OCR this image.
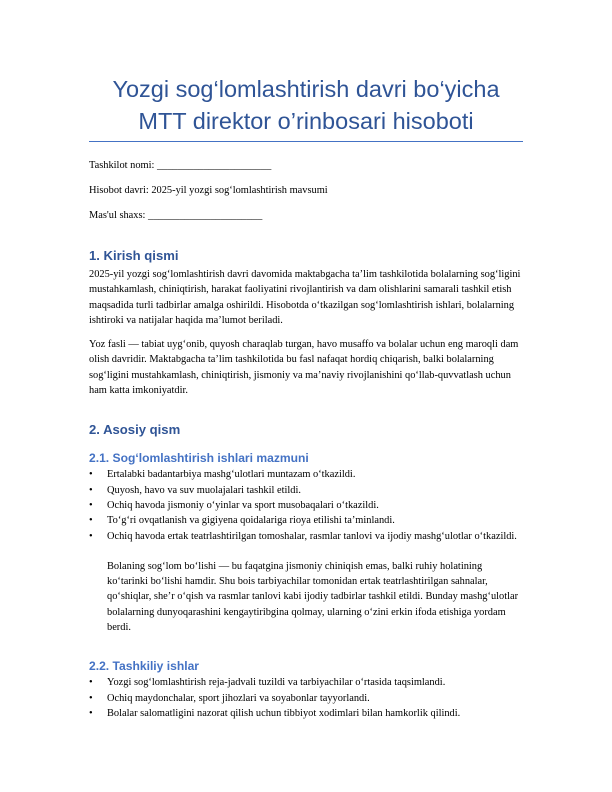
Yozgi sog‘lomlashtirish davri bo‘yicha MTT direktor o’rinbosari hisoboti

Tashkilot nomi: ______________________

Hisobot davri: 2025-yil yozgi sog‘lomlashtirish mavsumi

Mas'ul shaxs: ______________________

1. Kirish qismi

2025-yil yozgi sog‘lomlashtirish davri davomida maktabgacha ta’lim tashkilotida bolalarning sog‘ligini mustahkamlash, chiniqtirish, harakat faoliyatini rivojlantirish va dam olishlarini samarali tashkil etish maqsadida turli tadbirlar amalga oshirildi. Hisobotda o‘tkazilgan sog‘lomlashtirish ishlari, bolalarning ishtiroki va natijalar haqida ma’lumot beriladi.

Yoz fasli — tabiat uyg‘onib, quyosh charaqlab turgan, havo musaffo va bolalar uchun eng maroqli dam olish davridir. Maktabgacha ta’lim tashkilotida bu fasl nafaqat hordiq chiqarish, balki bolalarning sog‘ligini mustahkamlash, chiniqtirish, jismoniy va ma’naviy rivojlanishini qo‘llab-quvvatlash uchun ham katta imkoniyatdir.

2. Asosiy qism
2.1. Sog‘lomlashtirish ishlari mazmuni
•	Ertalabki badantarbiya mashg‘ulotlari muntazam o‘tkazildi.
•	Quyosh, havo va suv muolajalari tashkil etildi.
•	Ochiq havoda jismoniy o‘yinlar va sport musobaqalari o‘tkazildi.
•	To‘g‘ri ovqatlanish va gigiyena qoidalariga rioya etilishi ta’minlandi.
•	Ochiq havoda ertak teatrlashtirilgan tomoshalar, rasmlar tanlovi va ijodiy mashg‘ulotlar o‘tkazildi.

Bolaning sog‘lom bo‘lishi — bu faqatgina jismoniy chiniqish emas, balki ruhiy holatining ko‘tarinki bo‘lishi hamdir. Shu bois tarbiyachilar tomonidan ertak teatrlashtirilgan sahnalar, qo‘shiqlar, she’r o‘qish va rasmlar tanlovi kabi ijodiy tadbirlar tashkil etildi. Bunday mashg‘ulotlar bolalarning dunyoqarashini kengaytiribgina qolmay, ularning o‘zini erkin ifoda etishiga yordam berdi.

2.2. Tashkiliy ishlar
•	Yozgi sog‘lomlashtirish reja-jadvali tuzildi va tarbiyachilar o‘rtasida taqsimlandi.
•	Ochiq maydonchalar, sport jihozlari va soyabonlar tayyorlandi.
•	Bolalar salomatligini nazorat qilish uchun tibbiyot xodimlari bilan hamkorlik qilindi.
